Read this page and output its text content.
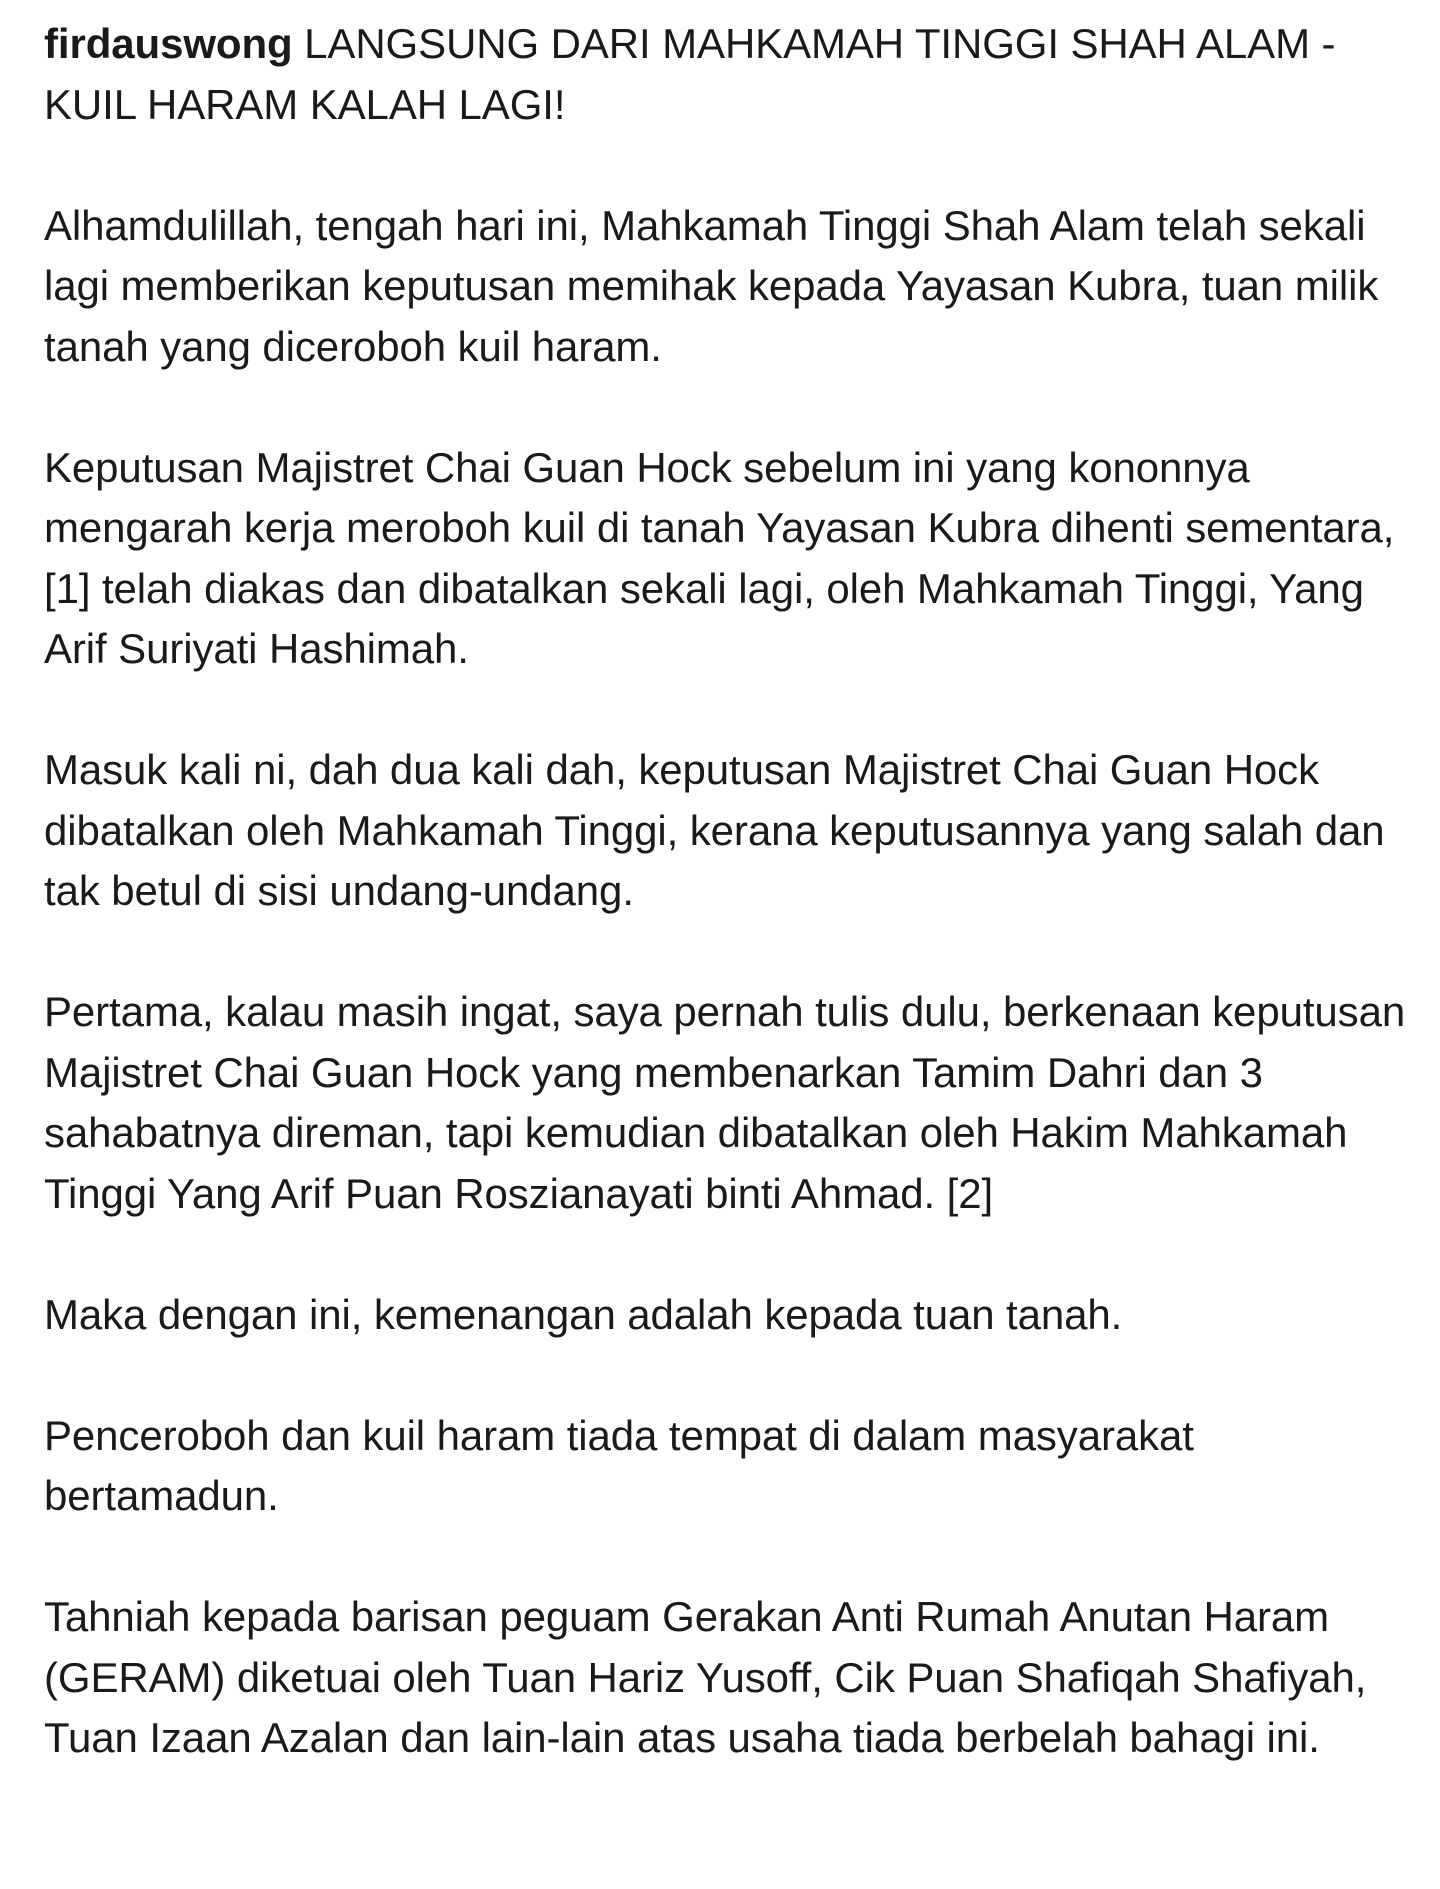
firdauswong LANGSUNG DARI MAHKAMAH TINGGI SHAH ALAM - KUIL HARAM KALAH LAGI!

Alhamdulillah, tengah hari ini, Mahkamah Tinggi Shah Alam telah sekali lagi memberikan keputusan memihak kepada Yayasan Kubra, tuan milik tanah yang diceroboh kuil haram.

Keputusan Majistret Chai Guan Hock sebelum ini yang kononnya mengarah kerja meroboh kuil di tanah Yayasan Kubra dihenti sementara, [1] telah diakas dan dibatalkan sekali lagi, oleh Mahkamah Tinggi, Yang Arif Suriyati Hashimah.

Masuk kali ni, dah dua kali dah, keputusan Majistret Chai Guan Hock dibatalkan oleh Mahkamah Tinggi, kerana keputusannya yang salah dan tak betul di sisi undang-undang.

Pertama, kalau masih ingat, saya pernah tulis dulu, berkenaan keputusan Majistret Chai Guan Hock yang membenarkan Tamim Dahri dan 3 sahabatnya direman, tapi kemudian dibatalkan oleh Hakim Mahkamah Tinggi Yang Arif Puan Roszianayati binti Ahmad. [2]

Maka dengan ini, kemenangan adalah kepada tuan tanah.

Penceroboh dan kuil haram tiada tempat di dalam masyarakat bertamadun.

Tahniah kepada barisan peguam Gerakan Anti Rumah Anutan Haram (GERAM) diketuai oleh Tuan Hariz Yusoff, Cik Puan Shafiqah Shafiyah, Tuan Izaan Azalan dan lain-lain atas usaha tiada berbelah bahagi ini.
